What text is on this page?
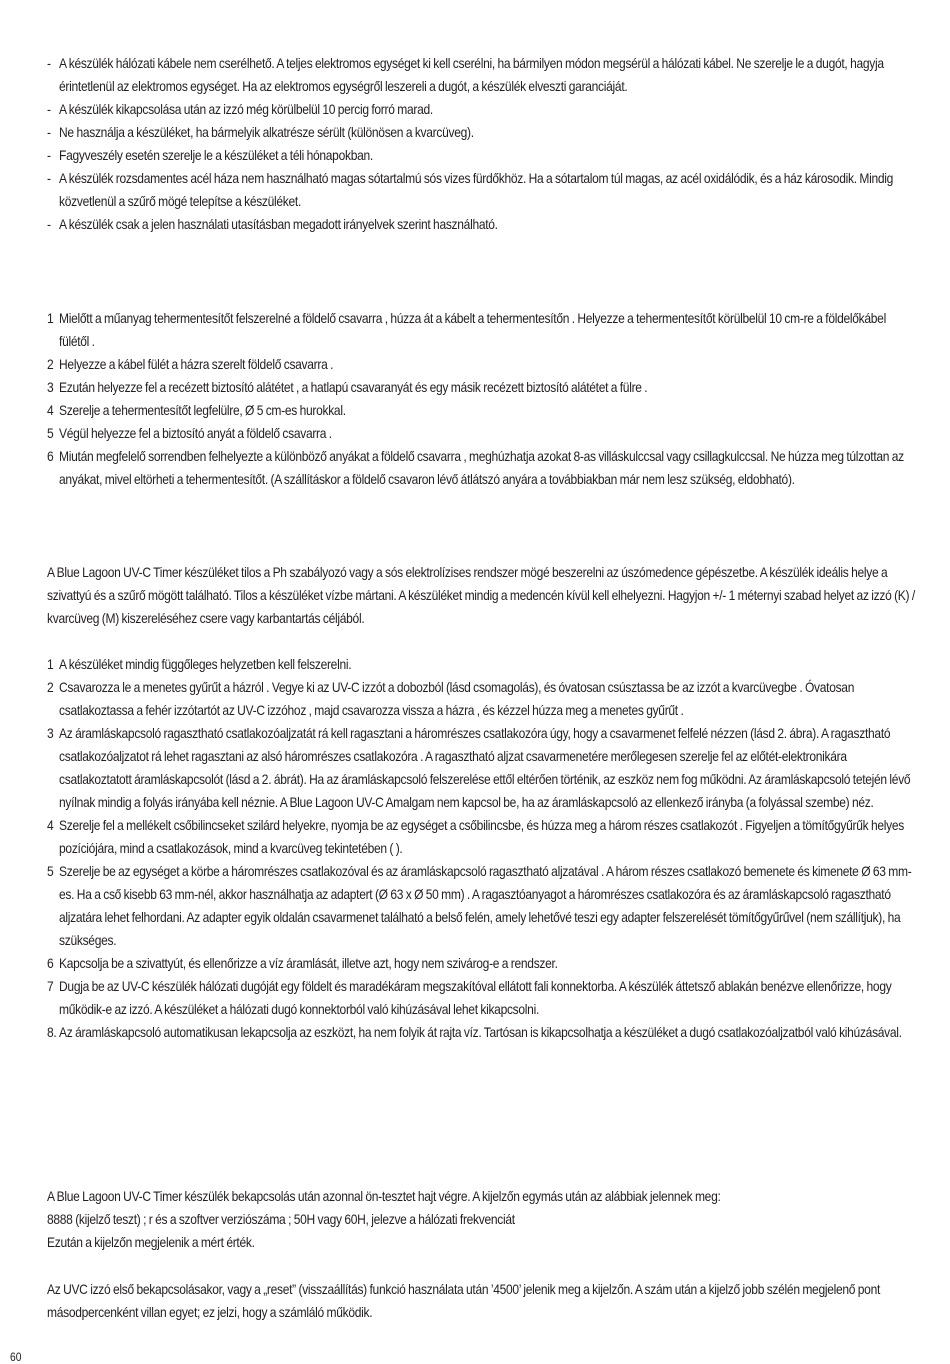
- A készülék hálózati kábele nem cserélhető. A teljes elektromos egységet ki kell cserélni, ha bármilyen módon megsérül a hálózati kábel. Ne szerelje le a dugót, hagyja érintetlenül az elektromos egységet. Ha az elektromos egységről leszereli a dugót, a készülék elveszti garanciáját.
- A készülék kikapcsolása után az izzó még körülbelül 10 percig forró marad.
- Ne használja a készüléket, ha bármelyik alkatrésze sérült (különösen a kvarcüveg).
- Fagyveszély esetén szerelje le a készüléket a téli hónapokban.
- A készülék rozsdamentes acél háza nem használható magas sótartalmú sós vizes fürdőkhöz. Ha a sótartalom túl magas, az acél oxidálódik, és a ház károsodik. Mindig közvetlenül a szűrő mögé telepítse a készüléket.
- A készülék csak a jelen használati utasításban megadott irányelvek szerint használható.
1 Mielőtt a műanyag tehermentesítőt felszerelné a földelő csavarra , húzza át a kábelt a tehermentesítőn . Helyezze a tehermentesítőt körülbelül 10 cm-re a földelőkábel fülétől .
2 Helyezze a kábel fülét a házra szerelt földelő csavarra .
3 Ezután helyezze fel a recézett biztosító alátétet , a hatlapú csavaranyát és egy másik recézett biztosító alátétet a fülre .
4 Szerelje a tehermentesítőt legfelülre, Ø 5 cm-es hurokkal.
5 Végül helyezze fel a biztosító anyát a földelő csavarra .
6 Miután megfelelő sorrendben felhelyezte a különböző anyákat a földelő csavarra , meghúzhatja azokat 8-as villáskulccsal vagy csillagkulccsal. Ne húzza meg túlzottan az anyákat, mivel eltörheti a tehermentesítőt. (A szállításkor a földelő csavaron lévő átlátszó anyára a továbbiakban már nem lesz szükség, eldobható).

A Blue Lagoon UV-C Timer készüléket tilos a Ph szabályozó vagy a sós elektrolízises rendszer mögé beszerelni az úszómedence gépészetbe. A készülék ideális helye a szivattyú és a szűrő mögött található. Tilos a készüléket vízbe mártani. A készüléket mindig a medencén kívül kell elhelyezni. Hagyjon +/- 1 méternyi szabad helyet az izzó (K) / kvarcüveg (M) kiszereléséhez csere vagy karbantartás céljából.

1 A készüléket mindig függőleges helyzetben kell felszerelni.
2 Csavarozza le a menetes gyűrűt a házról . Vegye ki az UV-C izzót a dobozból (lásd csomagolás), és óvatosan csúsztassa be az izzót a kvarcüvegbe . Óvatosan csatlakoztassa a fehér izzótartót az UV-C izzóhoz , majd csavarozza vissza a házra , és kézzel húzza meg a menetes gyűrűt .
3 Az áramláskapcsoló ragasztható csatlakozóaljzatát rá kell ragasztani a háromrészes csatlakozóra úgy, hogy a csavarmenet felfelé nézzen (lásd 2. ábra). A ragasztható csatlakozóaljzatot rá lehet ragasztani az alsó háromrészes csatlakozóra . A ragasztható aljzat csavarmenetére merőlegesen szerelje fel az előtét-elektronikára csatlakoztatott áramláskapcsolót (lásd a 2. ábrát). Ha az áramláskapcsoló felszerelése ettől eltérően történik, az eszköz nem fog működni. Az áramláskapcsoló tetején lévő nyílnak mindig a folyás irányába kell néznie. A Blue Lagoon UV-C Amalgam nem kapcsol be, ha az áramláskapcsoló az ellenkező irányba (a folyással szembe) néz.
4 Szerelje fel a mellékelt csőbilincseket szilárd helyekre, nyomja be az egységet a csőbilincsbe, és húzza meg a három részes csatlakozót . Figyeljen a tömítőgyűrűk helyes pozíciójára, mind a csatlakozások, mind a kvarcüveg tekintetében ( ).
5 Szerelje be az egységet a körbe a háromrészes csatlakozóval és az áramláskapcsoló ragasztható aljzatával . A három részes csatlakozó bemenete és kimenete Ø 63 mm-es. Ha a cső kisebb 63 mm-nél, akkor használhatja az adaptert (Ø 63 x Ø 50 mm) . A ragasztóanyagot a háromrészes csatlakozóra és az áramláskapcsoló ragasztható aljzatára lehet felhordani. Az adapter egyik oldalán csavarmenet található a belső felén, amely lehetővé teszi egy adapter felszerelését tömítőgyűrűvel (nem szállítjuk), ha szükséges.
6 Kapcsolja be a szivattyút, és ellenőrizze a víz áramlását, illetve azt, hogy nem szivárog-e a rendszer.
7 Dugja be az UV-C készülék hálózati dugóját egy földelt és maradékáram megszakítóval ellátott fali konnektorba. A készülék áttetsző ablakán benézve ellenőrizze, hogy működik-e az izzó. A készüléket a hálózati dugó konnektorból való kihúzásával lehet kikapcsolni.
8. Az áramláskapcsoló automatikusan lekapcsolja az eszközt, ha nem folyik át rajta víz. Tartósan is kikapcsolhatja a készüléket a dugó csatlakozóaljzatból való kihúzásával.

A Blue Lagoon UV-C Timer készülék bekapcsolás után azonnal ön-tesztet hajt végre. A kijelzőn egymás után az alábbiak jelennek meg:

8888 (kijelző teszt) ; r és a szoftver verziószáma ; 50H vagy 60H, jelezve a hálózati frekvenciát

Ezután a kijelzőn megjelenik a mért érték.

Az UVC izzó első bekapcsolásakor, vagy a „reset” (visszaállítás) funkció használata után ’4500’ jelenik meg a kijelzőn. A szám után a kijelző jobb szélén megjelenő pont másodpercenként villan egyet; ez jelzi, hogy a számláló működik.

60
